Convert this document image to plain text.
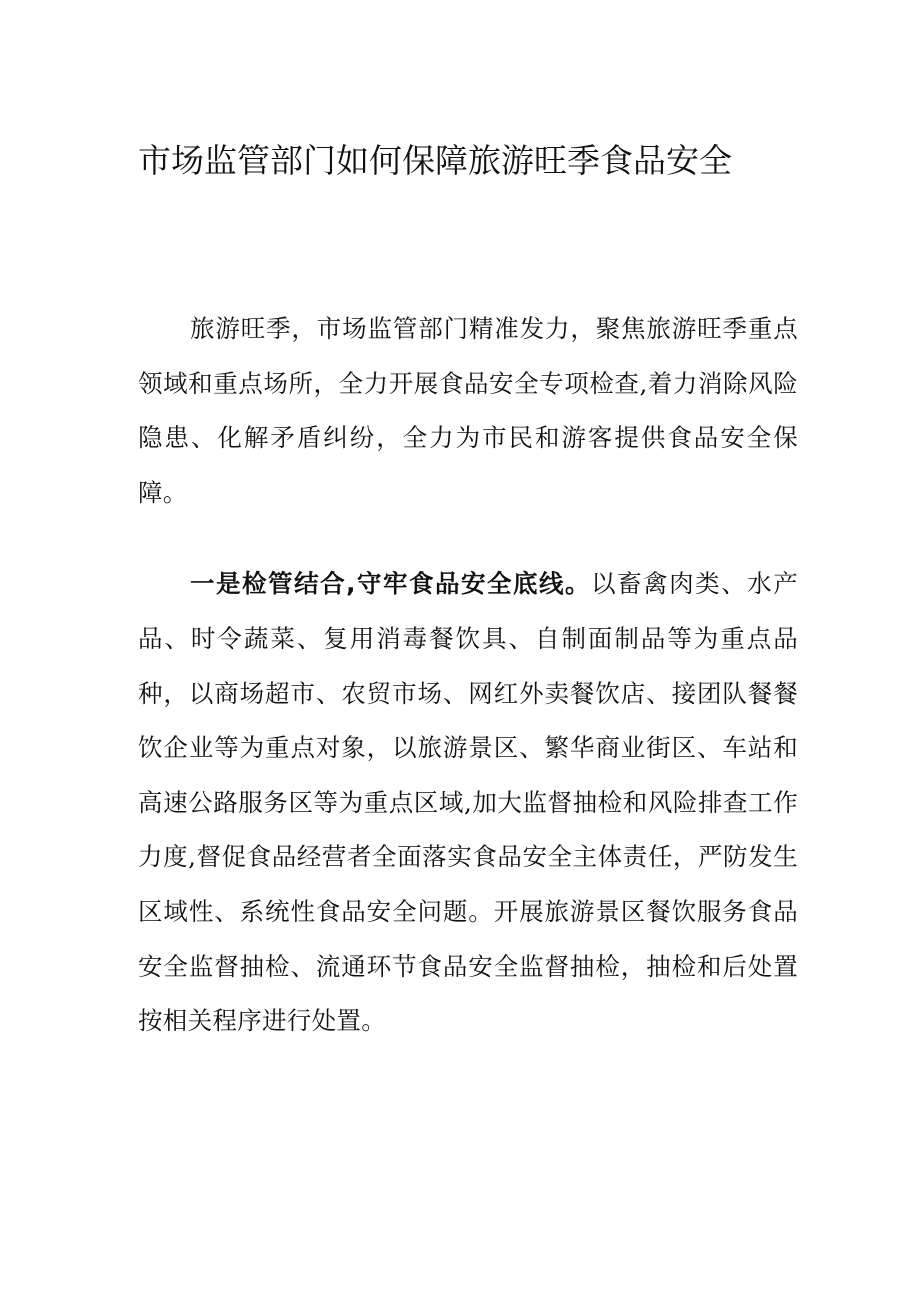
市场监管部门如何保障旅游旺季食品安全

旅游旺季，市场监管部门精准发力，聚焦旅游旺季重点领域和重点场所，全力开展食品安全专项检查,着力消除风险隐患、化解矛盾纠纷，全力为市民和游客提供食品安全保障。

一是检管结合,守牢食品安全底线。以畜禽肉类、水产品、时令蔬菜、复用消毒餐饮具、自制面制品等为重点品种，以商场超市、农贸市场、网红外卖餐饮店、接团队餐餐饮企业等为重点对象，以旅游景区、繁华商业街区、车站和高速公路服务区等为重点区域,加大监督抽检和风险排查工作力度,督促食品经营者全面落实食品安全主体责任，严防发生区域性、系统性食品安全问题。开展旅游景区餐饮服务食品安全监督抽检、流通环节食品安全监督抽检，抽检和后处置按相关程序进行处置。
